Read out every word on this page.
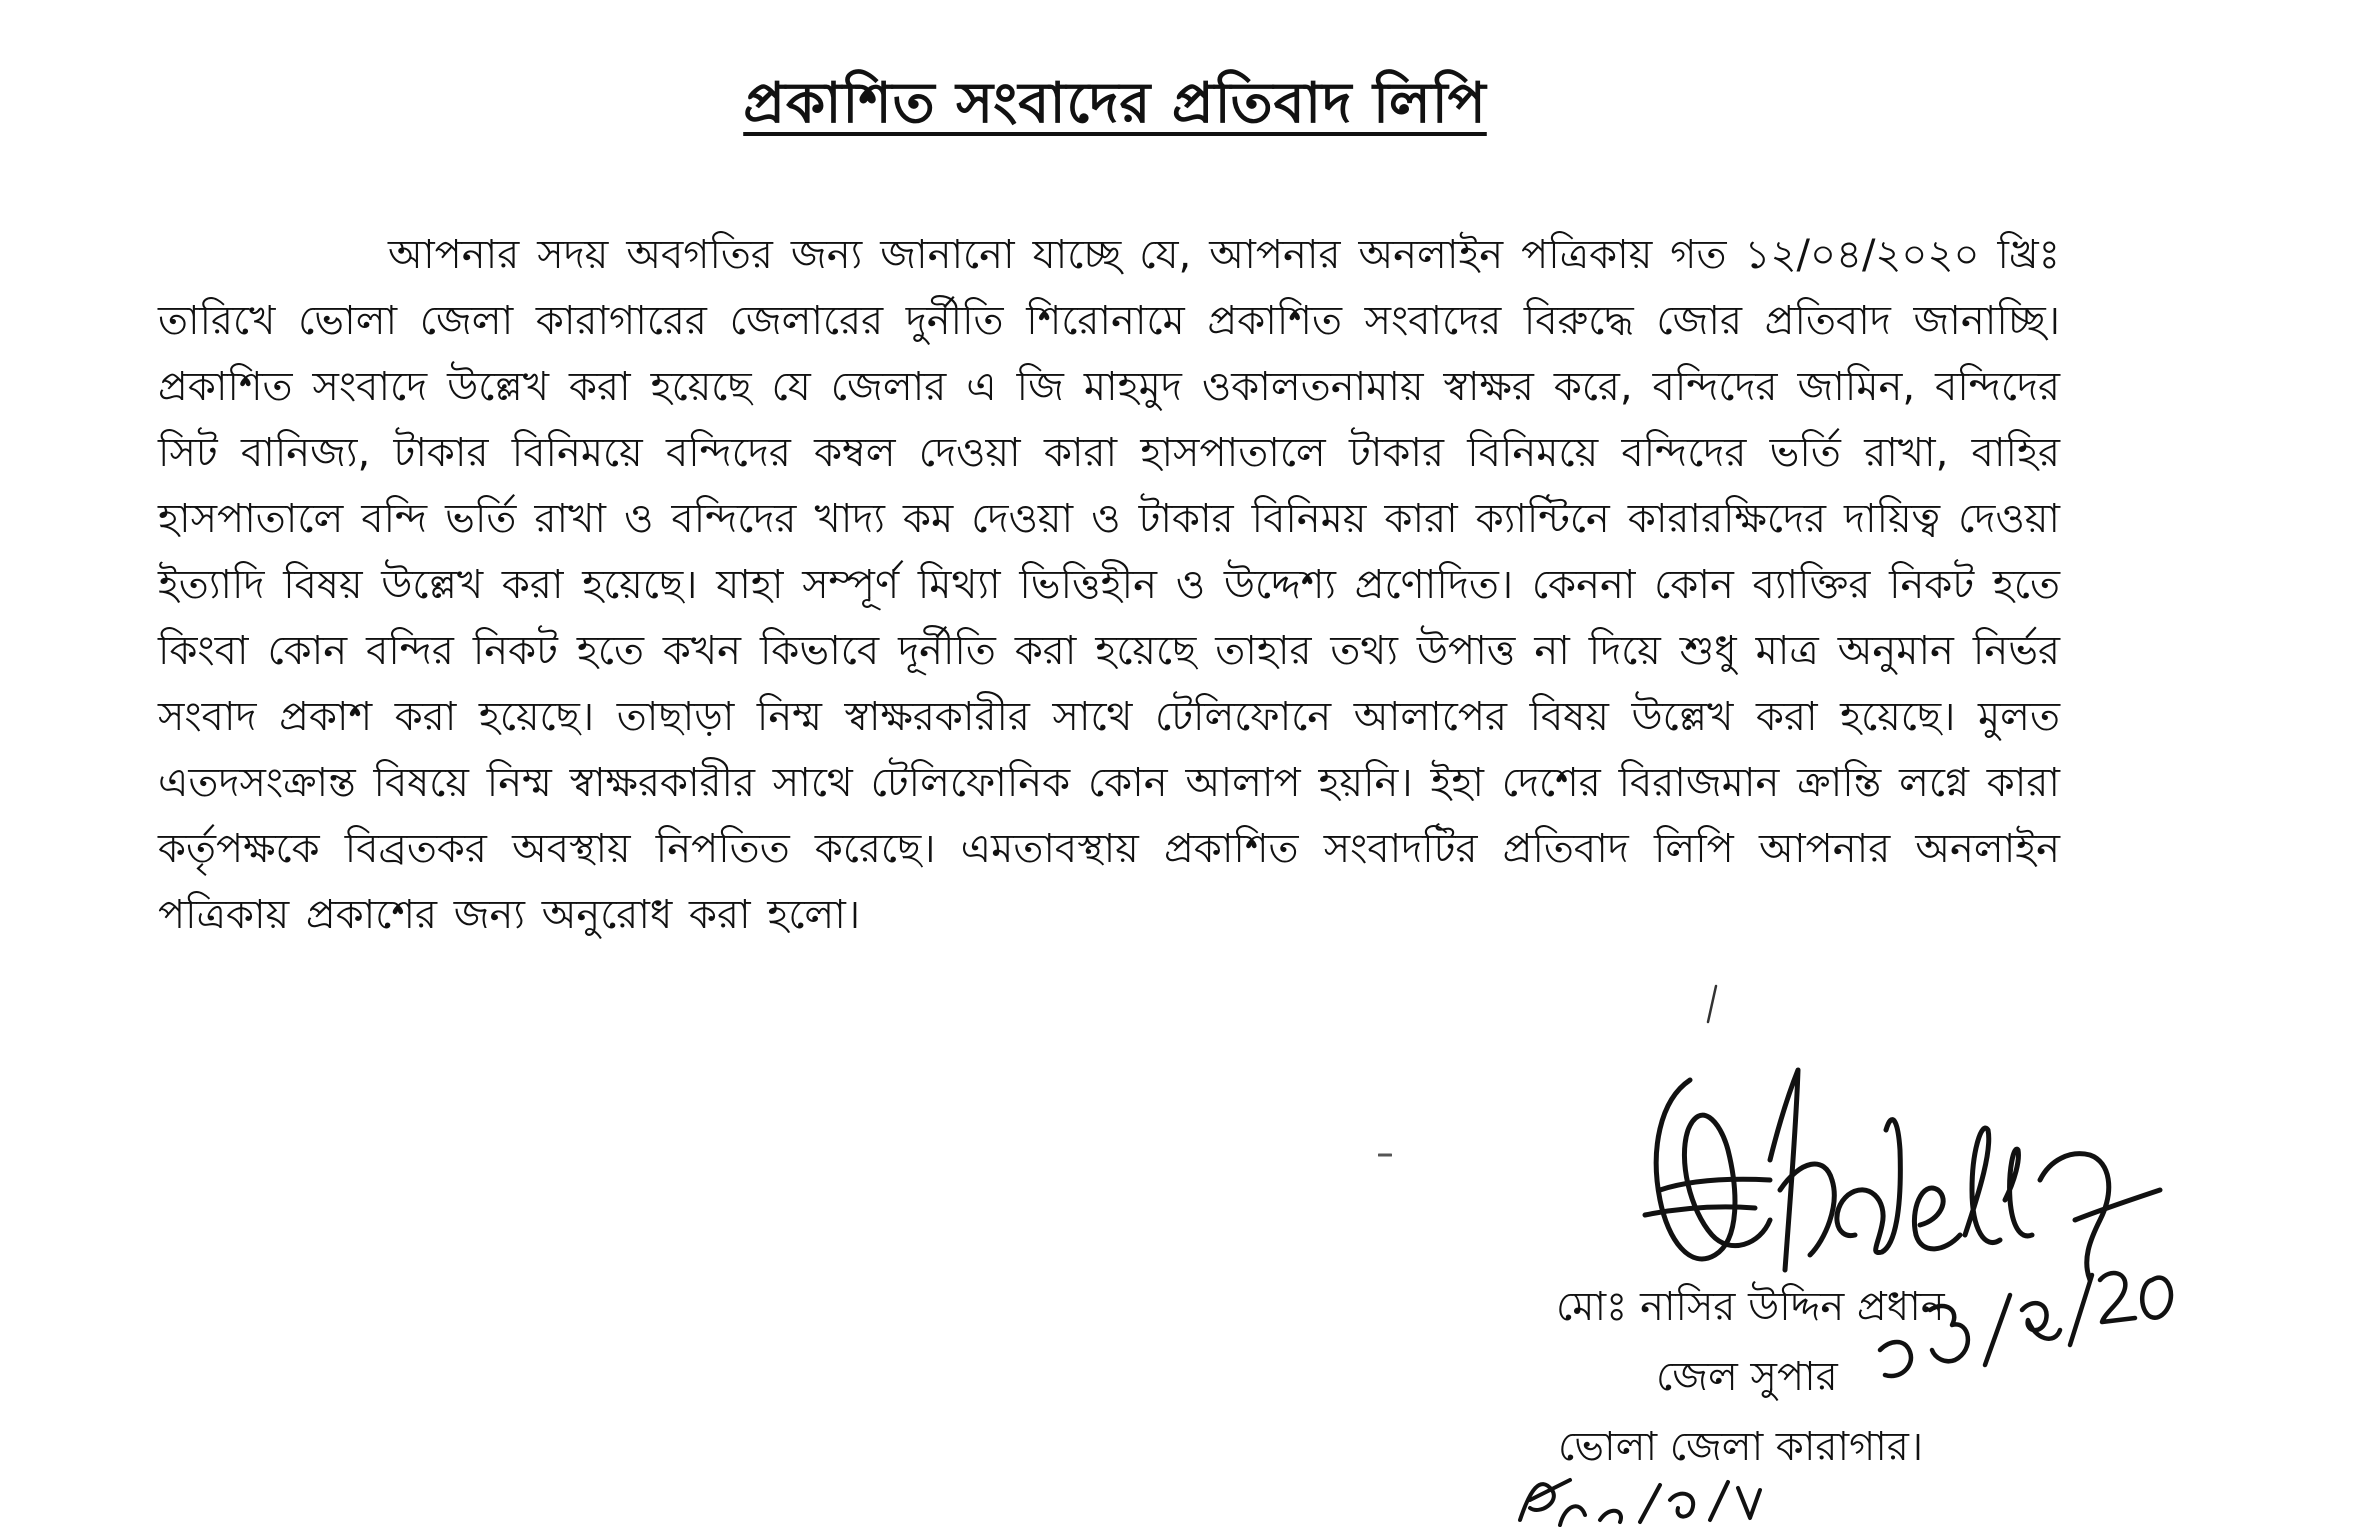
প্রকাশিত সংবাদের প্রতিবাদ লিপি
আপনার সদয় অবগতির জন্য জানানো যাচ্ছে যে, আপনার অনলাইন পত্রিকায় গত ১২/০৪/২০২০ খ্রিঃ তারিখে ভোলা জেলা কারাগারের জেলারের দুর্নীতি শিরোনামে প্রকাশিত সংবাদের বিরুদ্ধে জোর প্রতিবাদ জানাচ্ছি। প্রকাশিত সংবাদে উল্লেখ করা হয়েছে যে জেলার এ জি মাহমুদ ওকালতনামায় স্বাক্ষর করে, বন্দিদের জামিন, বন্দিদের সিট বানিজ্য, টাকার বিনিময়ে বন্দিদের কম্বল দেওয়া কারা হাসপাতালে টাকার বিনিময়ে বন্দিদের ভর্তি রাখা, বাহির হাসপাতালে বন্দি ভর্তি রাখা ও বন্দিদের খাদ্য কম দেওয়া ও টাকার বিনিময় কারা ক্যান্টিনে কারারক্ষিদের দায়িত্ব দেওয়া ইত্যাদি বিষয় উল্লেখ করা হয়েছে। যাহা সম্পূর্ণ মিথ্যা ভিত্তিহীন ও উদ্দেশ্য প্রণোদিত। কেননা কোন ব্যাক্তির নিকট হতে কিংবা কোন বন্দির নিকট হতে কখন কিভাবে দূর্নীতি করা হয়েছে তাহার তথ্য উপাত্ত না দিয়ে শুধু মাত্র অনুমান নির্ভর সংবাদ প্রকাশ করা হয়েছে। তাছাড়া নিম্ম স্বাক্ষরকারীর সাথে টেলিফোনে আলাপের বিষয় উল্লেখ করা হয়েছে। মুলত এতদসংক্রান্ত বিষয়ে নিম্ম স্বাক্ষরকারীর সাথে টেলিফোনিক কোন আলাপ হয়নি। ইহা দেশের বিরাজমান ক্রান্তি লগ্নে কারা কর্তৃপক্ষকে বিব্রতকর অবস্থায় নিপতিত করেছে। এমতাবস্থায় প্রকাশিত সংবাদটির প্রতিবাদ লিপি আপনার অনলাইন পত্রিকায় প্রকাশের জন্য অনুরোধ করা হলো।
মোঃ নাসির উদ্দিন প্রধান
জেল সুপার
ভোলা জেলা কারাগার।
